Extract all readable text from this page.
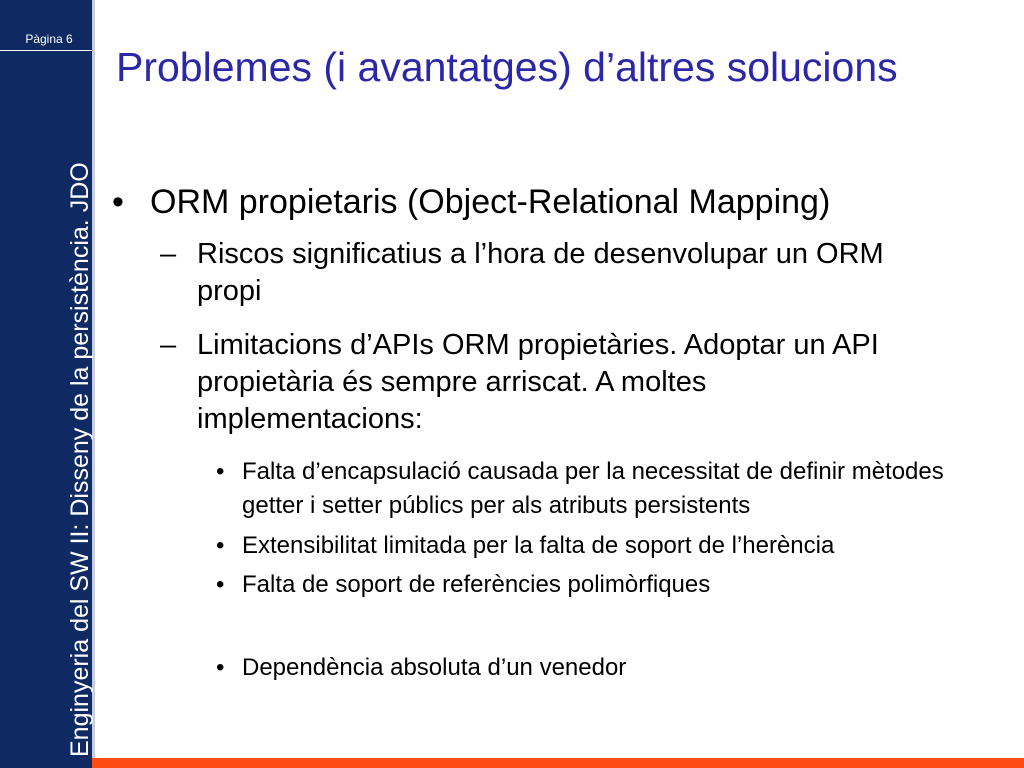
Pàgina 6
Enginyeria del SW II: Disseny de la persistència. JDO
Problemes (i avantatges) d’altres solucions
• ORM propietaris (Object-Relational Mapping)
– Riscos significatius a l’hora de desenvolupar un ORM propi
– Limitacions d’APIs ORM propietàries. Adoptar un API propietària és sempre arriscat. A moltes implementacions:
• Falta d’encapsulació causada per la necessitat de definir mètodes getter i setter públics per als atributs persistents
• Extensibilitat limitada per la falta de soport de l’herència
• Falta de soport de referències polimòrfiques
• Dependència absoluta d’un venedor
